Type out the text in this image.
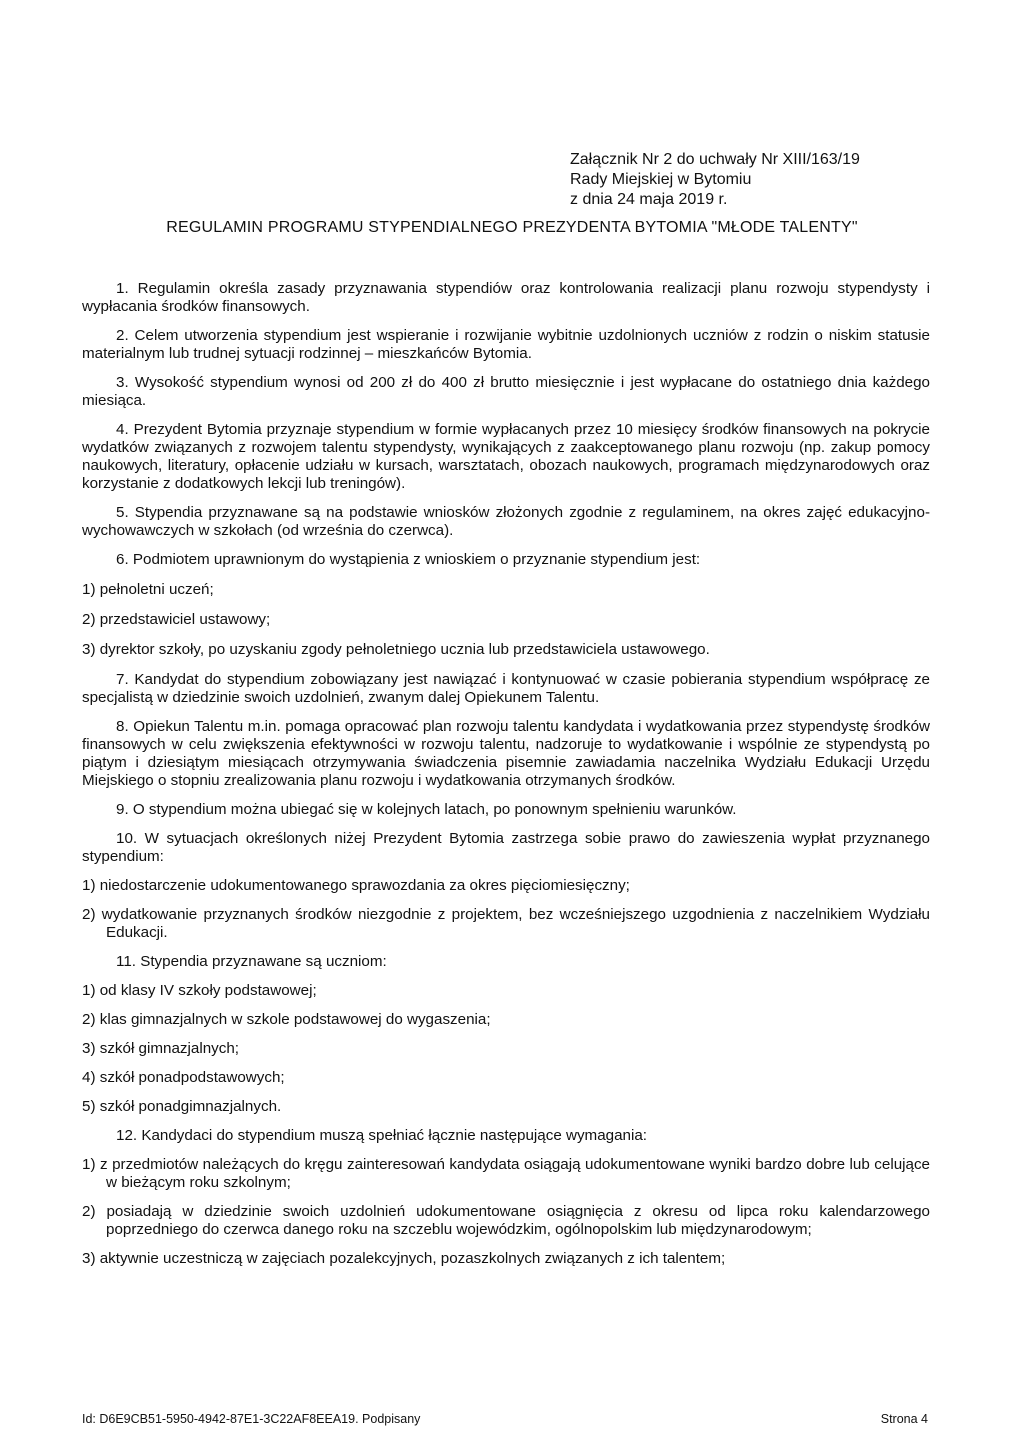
Załącznik Nr 2 do uchwały Nr XIII/163/19
Rady Miejskiej w Bytomiu
z dnia 24 maja 2019 r.
REGULAMIN PROGRAMU STYPENDIALNEGO PREZYDENTA BYTOMIA "MŁODE TALENTY"

1. Regulamin określa zasady przyznawania stypendiów oraz kontrolowania realizacji planu rozwoju stypendysty i wypłacania środków finansowych.

2. Celem utworzenia stypendium jest wspieranie i rozwijanie wybitnie uzdolnionych uczniów z rodzin o niskim statusie materialnym lub trudnej sytuacji rodzinnej – mieszkańców Bytomia.

3. Wysokość stypendium wynosi od 200 zł do 400 zł brutto miesięcznie i jest wypłacane do ostatniego dnia każdego miesiąca.

4. Prezydent Bytomia przyznaje stypendium w formie wypłacanych przez 10 miesięcy środków finansowych na pokrycie wydatków związanych z rozwojem talentu stypendysty, wynikających z zaakceptowanego planu rozwoju (np. zakup pomocy naukowych, literatury, opłacenie udziału w kursach, warsztatach, obozach naukowych, programach międzynarodowych oraz korzystanie z dodatkowych lekcji lub treningów).

5. Stypendia przyznawane są na podstawie wniosków złożonych zgodnie z regulaminem, na okres zajęć edukacyjno-wychowawczych w szkołach (od września do czerwca).

6. Podmiotem uprawnionym do wystąpienia z wnioskiem o przyznanie stypendium jest:

1) pełnoletni uczeń;

2) przedstawiciel ustawowy;

3) dyrektor szkoły, po uzyskaniu zgody pełnoletniego ucznia lub przedstawiciela ustawowego.

7. Kandydat do stypendium zobowiązany jest nawiązać i kontynuować w czasie pobierania stypendium współpracę ze specjalistą w dziedzinie swoich uzdolnień, zwanym dalej Opiekunem Talentu.

8. Opiekun Talentu m.in. pomaga opracować plan rozwoju talentu kandydata i wydatkowania przez stypendystę środków finansowych w celu zwiększenia efektywności w rozwoju talentu, nadzoruje to wydatkowanie i wspólnie ze stypendystą po piątym i dziesiątym miesiącach otrzymywania świadczenia pisemnie zawiadamia naczelnika Wydziału Edukacji Urzędu Miejskiego o stopniu zrealizowania planu rozwoju i wydatkowania otrzymanych środków.

9. O stypendium można ubiegać się w kolejnych latach, po ponownym spełnieniu warunków.

10. W sytuacjach określonych niżej Prezydent Bytomia zastrzega sobie prawo do zawieszenia wypłat przyznanego stypendium:

1) niedostarczenie udokumentowanego sprawozdania za okres pięciomiesięczny;

2) wydatkowanie przyznanych środków niezgodnie z projektem, bez wcześniejszego uzgodnienia z naczelnikiem Wydziału Edukacji.

11. Stypendia przyznawane są uczniom:

1) od klasy IV szkoły podstawowej;

2) klas gimnazjalnych w szkole podstawowej do wygaszenia;

3) szkół gimnazjalnych;

4) szkół ponadpodstawowych;

5) szkół ponadgimnazjalnych.

12. Kandydaci do stypendium muszą spełniać łącznie następujące wymagania:

1) z przedmiotów należących do kręgu zainteresowań kandydata osiągają udokumentowane wyniki bardzo dobre lub celujące w bieżącym roku szkolnym;

2) posiadają w dziedzinie swoich uzdolnień udokumentowane osiągnięcia z okresu od lipca roku kalendarzowego poprzedniego do czerwca danego roku na szczeblu wojewódzkim, ogólnopolskim lub międzynarodowym;

3) aktywnie uczestniczą w zajęciach pozalekcyjnych, pozaszkolnych związanych z ich talentem;

Id: D6E9CB51-5950-4942-87E1-3C22AF8EEA19. Podpisany	Strona 4
